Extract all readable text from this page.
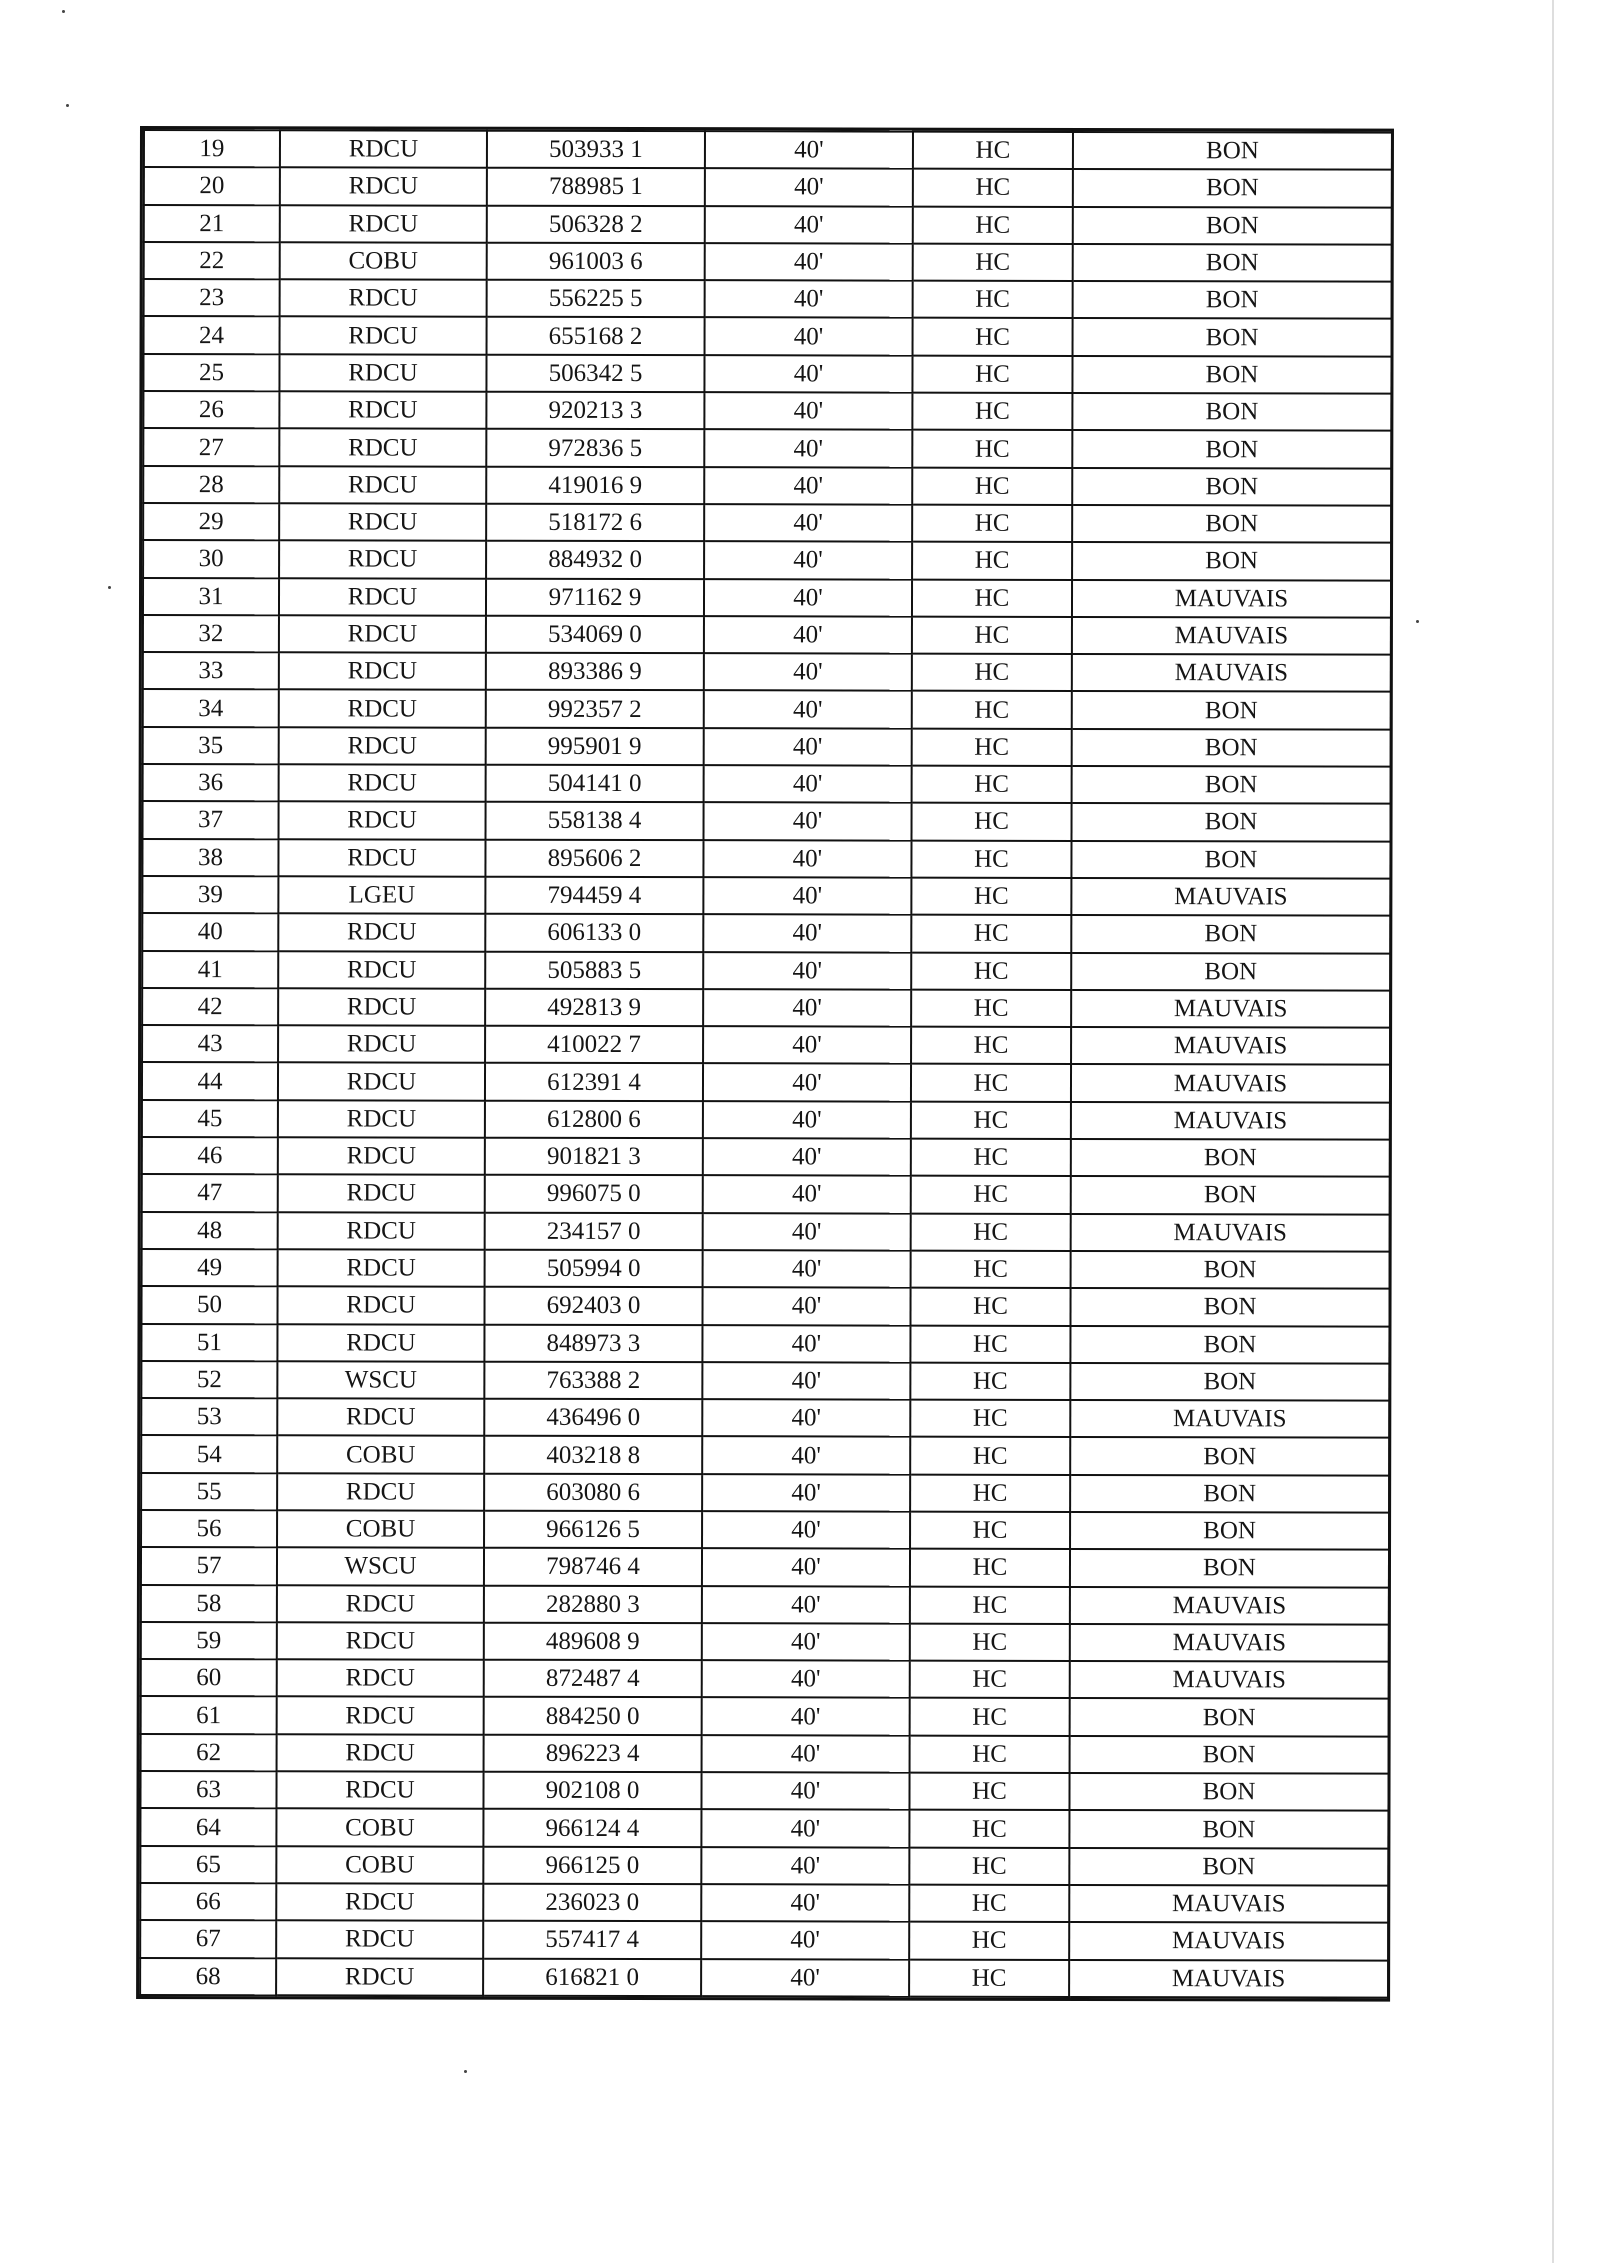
19	RDCU	503933 1	40'	HC	BON
20	RDCU	788985 1	40'	HC	BON
21	RDCU	506328 2	40'	HC	BON
22	COBU	961003 6	40'	HC	BON
23	RDCU	556225 5	40'	HC	BON
24	RDCU	655168 2	40'	HC	BON
25	RDCU	506342 5	40'	HC	BON
26	RDCU	920213 3	40'	HC	BON
27	RDCU	972836 5	40'	HC	BON
28	RDCU	419016 9	40'	HC	BON
29	RDCU	518172 6	40'	HC	BON
30	RDCU	884932 0	40'	HC	BON
31	RDCU	971162 9	40'	HC	MAUVAIS
32	RDCU	534069 0	40'	HC	MAUVAIS
33	RDCU	893386 9	40'	HC	MAUVAIS
34	RDCU	992357 2	40'	HC	BON
35	RDCU	995901 9	40'	HC	BON
36	RDCU	504141 0	40'	HC	BON
37	RDCU	558138 4	40'	HC	BON
38	RDCU	895606 2	40'	HC	BON
39	LGEU	794459 4	40'	HC	MAUVAIS
40	RDCU	606133 0	40'	HC	BON
41	RDCU	505883 5	40'	HC	BON
42	RDCU	492813 9	40'	HC	MAUVAIS
43	RDCU	410022 7	40'	HC	MAUVAIS
44	RDCU	612391 4	40'	HC	MAUVAIS
45	RDCU	612800 6	40'	HC	MAUVAIS
46	RDCU	901821 3	40'	HC	BON
47	RDCU	996075 0	40'	HC	BON
48	RDCU	234157 0	40'	HC	MAUVAIS
49	RDCU	505994 0	40'	HC	BON
50	RDCU	692403 0	40'	HC	BON
51	RDCU	848973 3	40'	HC	BON
52	WSCU	763388 2	40'	HC	BON
53	RDCU	436496 0	40'	HC	MAUVAIS
54	COBU	403218 8	40'	HC	BON
55	RDCU	603080 6	40'	HC	BON
56	COBU	966126 5	40'	HC	BON
57	WSCU	798746 4	40'	HC	BON
58	RDCU	282880 3	40'	HC	MAUVAIS
59	RDCU	489608 9	40'	HC	MAUVAIS
60	RDCU	872487 4	40'	HC	MAUVAIS
61	RDCU	884250 0	40'	HC	BON
62	RDCU	896223 4	40'	HC	BON
63	RDCU	902108 0	40'	HC	BON
64	COBU	966124 4	40'	HC	BON
65	COBU	966125 0	40'	HC	BON
66	RDCU	236023 0	40'	HC	MAUVAIS
67	RDCU	557417 4	40'	HC	MAUVAIS
68	RDCU	616821 0	40'	HC	MAUVAIS
